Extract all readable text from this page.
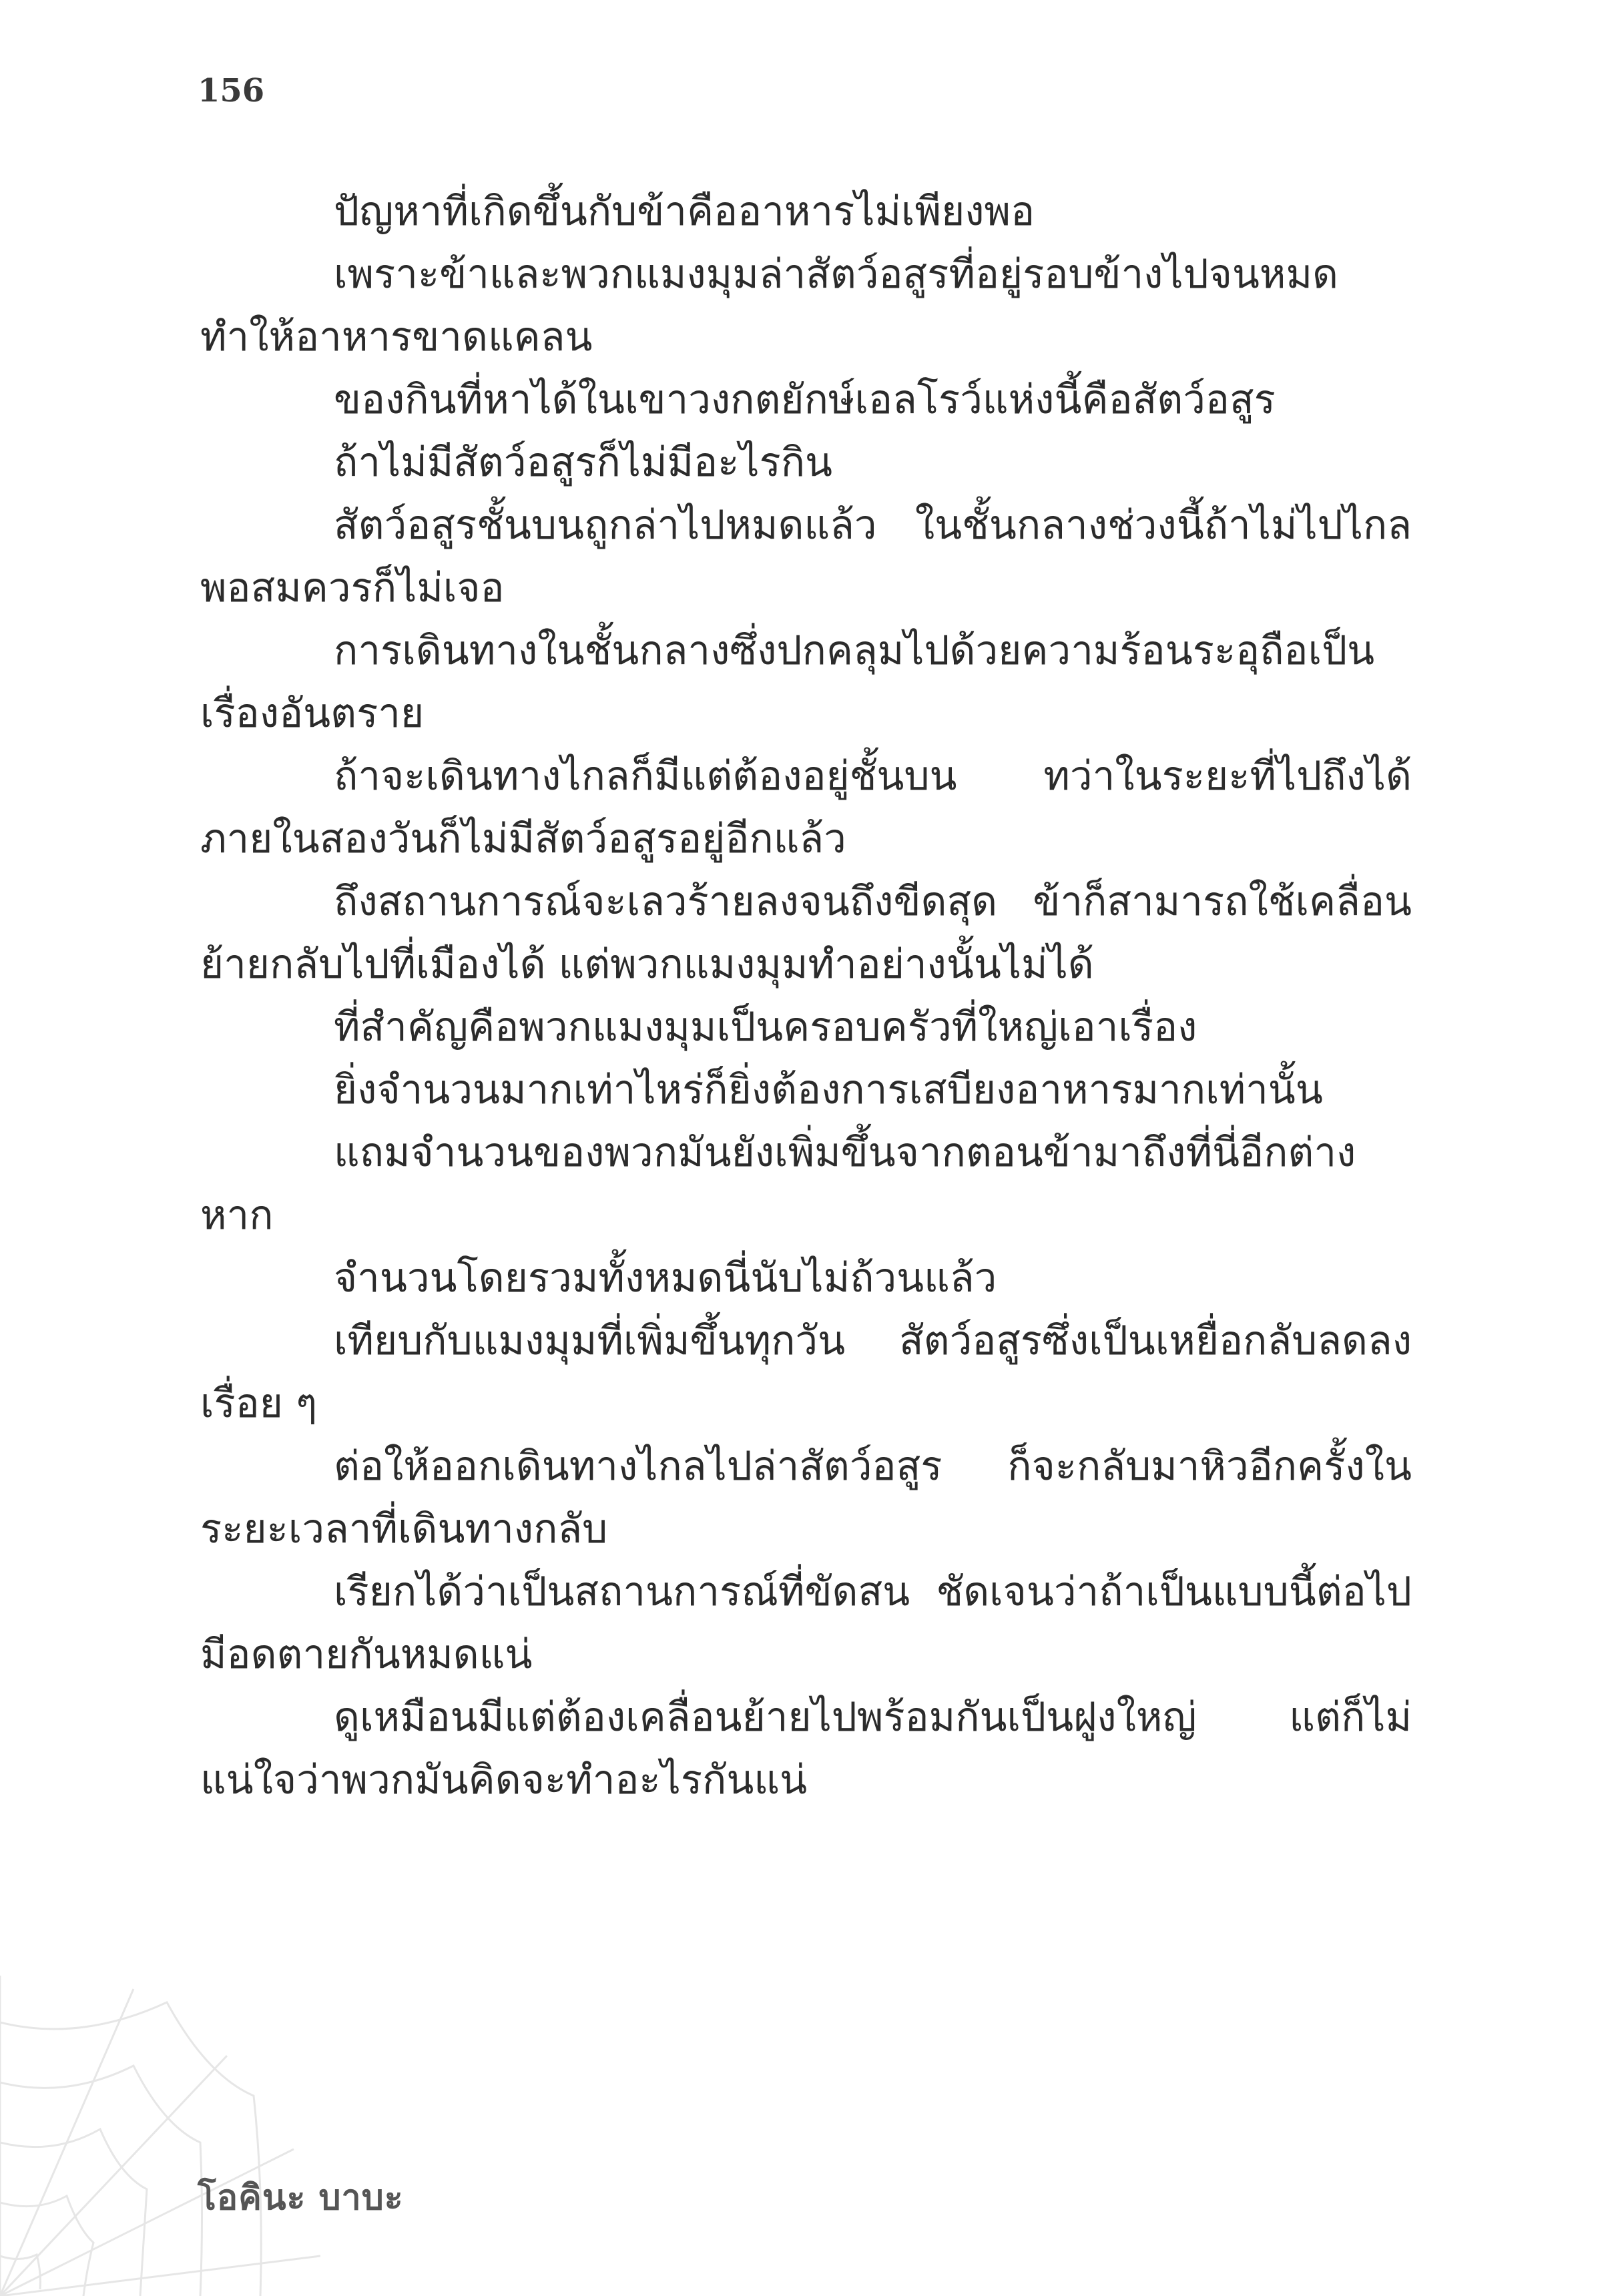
156

ปัญหาที่เกิดขึ้นกับข้าคืออาหารไม่เพียงพอ

เพราะข้าและพวกแมงมุมล่าสัตว์อสูรที่อยู่รอบข้างไปจนหมด ทำให้อาหารขาดแคลน

ของกินที่หาได้ในเขาวงกตยักษ์เอลโรว์แห่งนี้คือสัตว์อสูร

ถ้าไม่มีสัตว์อสูรก็ไม่มีอะไรกิน

สัตว์อสูรชั้นบนถูกล่าไปหมดแล้ว ในชั้นกลางช่วงนี้ถ้าไม่ไปไกลพอสมควรก็ไม่เจอ

การเดินทางในชั้นกลางซึ่งปกคลุมไปด้วยความร้อนระอุถือเป็นเรื่องอันตราย

ถ้าจะเดินทางไกลก็มีแต่ต้องอยู่ชั้นบน ทว่าในระยะที่ไปถึงได้ภายในสองวันก็ไม่มีสัตว์อสูรอยู่อีกแล้ว

ถึงสถานการณ์จะเลวร้ายลงจนถึงขีดสุด ข้าก็สามารถใช้เคลื่อนย้ายกลับไปที่เมืองได้ แต่พวกแมงมุมทำอย่างนั้นไม่ได้

ที่สำคัญคือพวกแมงมุมเป็นครอบครัวที่ใหญ่เอาเรื่อง

ยิ่งจำนวนมากเท่าไหร่ก็ยิ่งต้องการเสบียงอาหารมากเท่านั้น

แถมจำนวนของพวกมันยังเพิ่มขึ้นจากตอนข้ามาถึงที่นี่อีกต่างหาก

จำนวนโดยรวมทั้งหมดนี่นับไม่ถ้วนแล้ว

เทียบกับแมงมุมที่เพิ่มขึ้นทุกวัน สัตว์อสูรซึ่งเป็นเหยื่อกลับลดลงเรื่อย ๆ

ต่อให้ออกเดินทางไกลไปล่าสัตว์อสูร ก็จะกลับมาหิวอีกครั้งในระยะเวลาที่เดินทางกลับ

เรียกได้ว่าเป็นสถานการณ์ที่ขัดสน ชัดเจนว่าถ้าเป็นแบบนี้ต่อไปมีอดตายกันหมดแน่

ดูเหมือนมีแต่ต้องเคลื่อนย้ายไปพร้อมกันเป็นฝูงใหญ่ แต่ก็ไม่แน่ใจว่าพวกมันคิดจะทำอะไรกันแน่

โอคินะ บาบะ
